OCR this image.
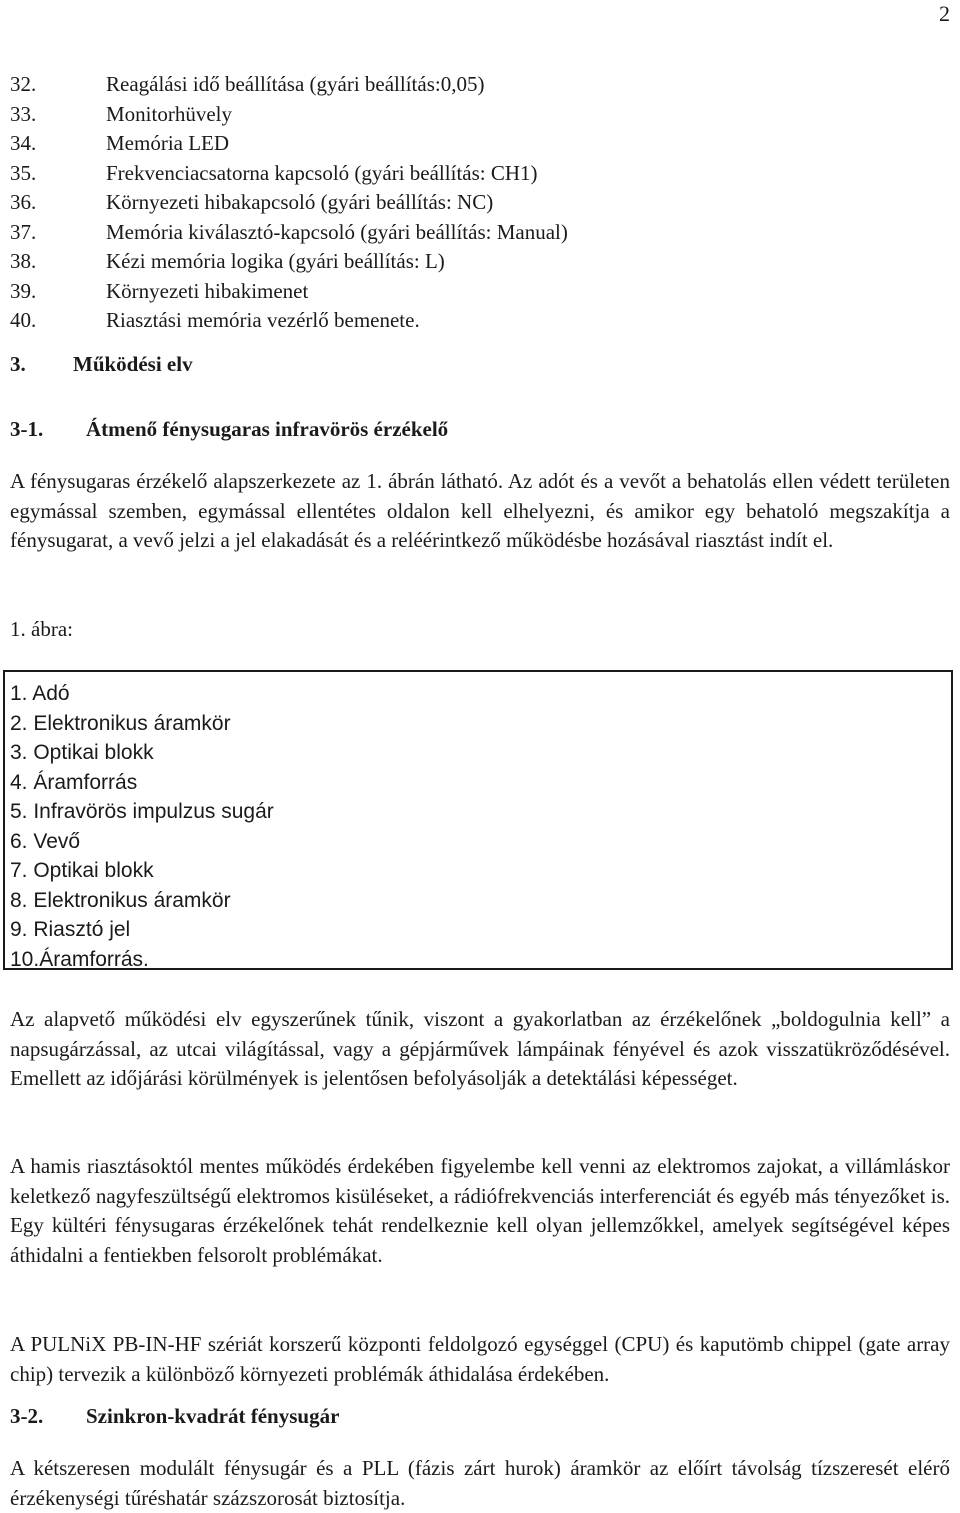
2
32.	Reagálási idő beállítása (gyári beállítás:0,05)
33.	Monitorhüvely
34.	Memória LED
35.	Frekvenciacsatorna kapcsoló (gyári beállítás: CH1)
36.	Környezeti hibakapcsoló (gyári beállítás: NC)
37.	Memória kiválasztó-kapcsoló (gyári beállítás: Manual)
38.	Kézi memória logika (gyári beállítás: L)
39.	Környezeti hibakimenet
40.	Riasztási memória vezérlő bemenete.
3.	Működési elv
3-1.	Átmenő fénysugaras infravörös érzékelő

A fénysugaras érzékelő alapszerkezete az 1. ábrán látható. Az adót és a vevőt a behatolás ellen védett területen egymással szemben, egymással ellentétes oldalon kell elhelyezni, és amikor egy behatoló megszakítja a fénysugarat, a vevő jelzi a jel elakadását és a reléérintkező működésbe hozásával riasztást indít el.

1. ábra:
1. Adó
2. Elektronikus áramkör
3. Optikai blokk
4. Áramforrás
5. Infravörös impulzus sugár
6. Vevő
7. Optikai blokk
8. Elektronikus áramkör
9. Riasztó jel
10.Áramforrás.

Az alapvető működési elv egyszerűnek tűnik, viszont a gyakorlatban az érzékelőnek „boldogulnia kell” a napsugárzással, az utcai világítással, vagy a gépjárművek lámpáinak fényével és azok visszatükröződésével. Emellett az időjárási körülmények is jelentősen befolyásolják a detektálási képességet.

A hamis riasztásoktól mentes működés érdekében figyelembe kell venni az elektromos zajokat, a villámláskor keletkező nagyfeszültségű elektromos kisüléseket, a rádiófrekvenciás interferenciát és egyéb más tényezőket is. Egy kültéri fénysugaras érzékelőnek tehát rendelkeznie kell olyan jellemzőkkel, amelyek segítségével képes áthidalni a fentiekben felsorolt problémákat.

A PULNiX PB-IN-HF szériát korszerű központi feldolgozó egységgel (CPU) és kaputömb chippel (gate array chip) tervezik a különböző környezeti problémák áthidalása érdekében.

3-2.	Szinkron-kvadrát fénysugár

A kétszeresen modulált fénysugár és a PLL (fázis zárt hurok) áramkör az előírt távolság tízszeresét elérő érzékenységi tűréshatár százszorosát biztosítja.
